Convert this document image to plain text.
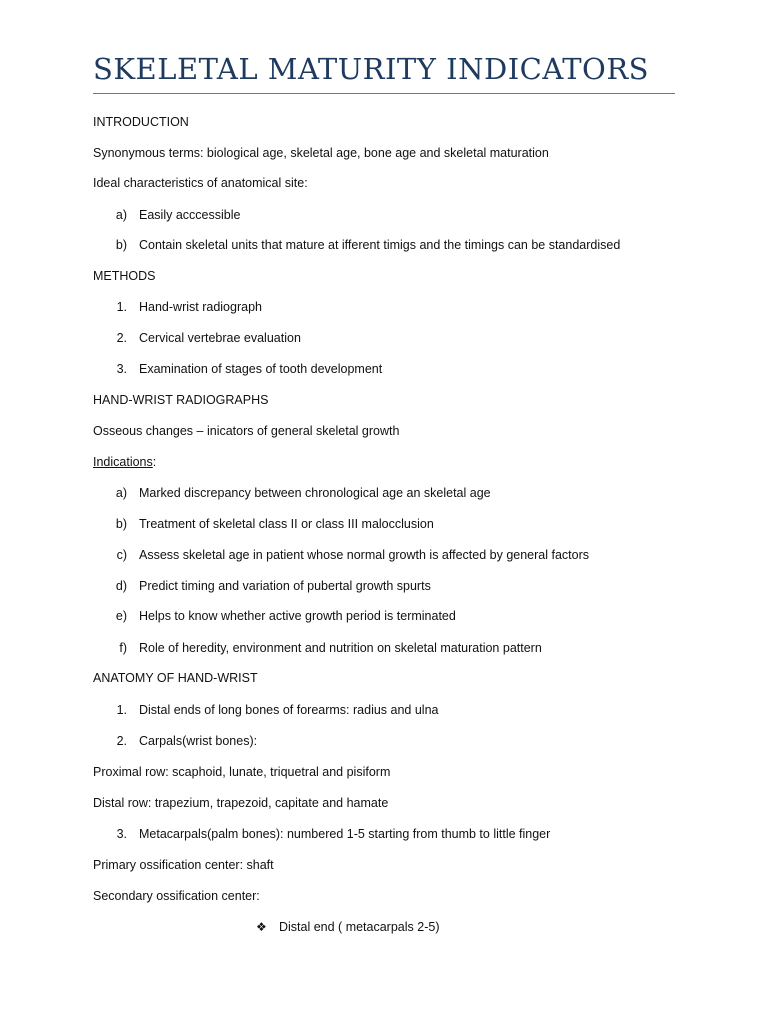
SKELETAL MATURITY INDICATORS
INTRODUCTION
Synonymous terms: biological age, skeletal age, bone age and skeletal maturation
Ideal characteristics of anatomical site:
a) Easily acccessible
b) Contain skeletal units that mature at ifferent timigs and the timings can be standardised
METHODS
1. Hand-wrist radiograph
2. Cervical vertebrae evaluation
3. Examination of stages of tooth development
HAND-WRIST RADIOGRAPHS
Osseous changes – inicators of general skeletal growth
Indications:
a) Marked discrepancy between chronological age an skeletal age
b) Treatment of skeletal class II or class III malocclusion
c) Assess skeletal age in patient whose normal growth is affected by general factors
d) Predict timing and variation of pubertal growth spurts
e) Helps to know whether active growth period is terminated
f) Role of heredity, environment and nutrition on skeletal maturation pattern
ANATOMY OF HAND-WRIST
1. Distal ends of long bones of forearms: radius and ulna
2. Carpals(wrist bones):
Proximal row: scaphoid, lunate, triquetral and pisiform
Distal row: trapezium, trapezoid, capitate and hamate
3. Metacarpals(palm bones): numbered 1-5 starting from thumb to little finger
Primary ossification center: shaft
Secondary ossification center:
❖ Distal end ( metacarpals 2-5)
